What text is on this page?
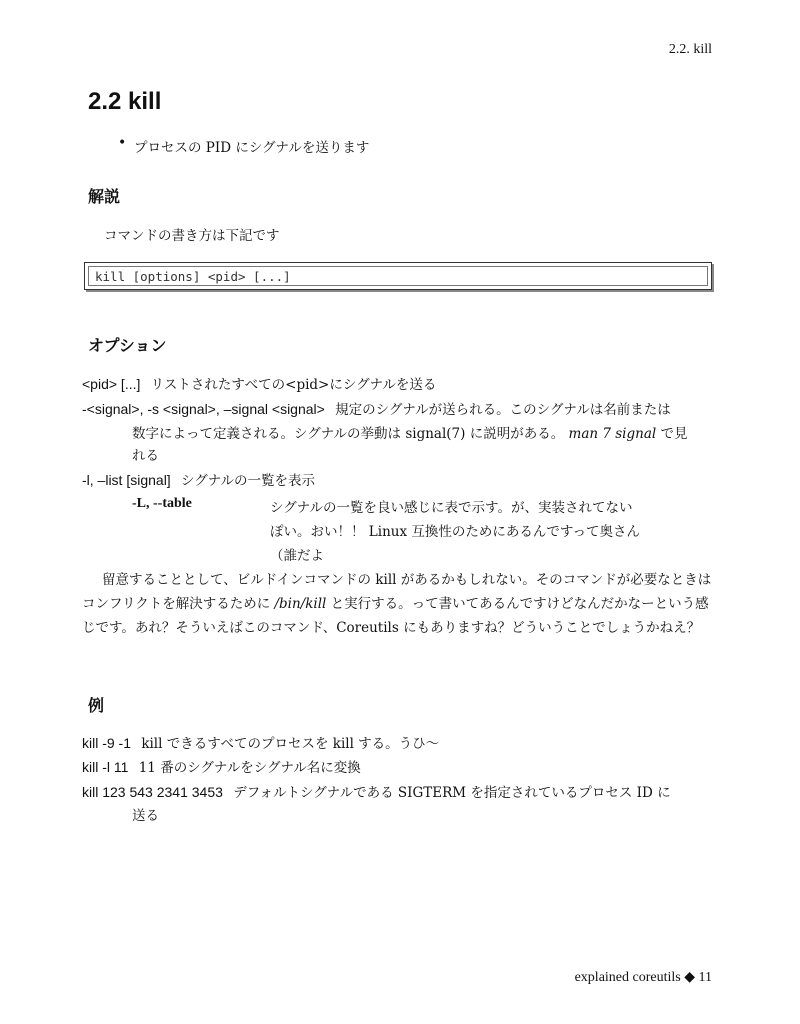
2.2. kill
2.2 kill
• プロセスの PID にシグナルを送ります
解説
コマンドの書き方は下記です
kill [options] <pid> [...]
オプション
<pid> [...] リストされたすべての<pid>にシグナルを送る
-<signal>, -s <signal>, –signal <signal> 規定のシグナルが送られる。このシグナルは名前または
数字によって定義される。シグナルの挙動は signal(7) に説明がある。 man 7 signal で見
れる
-l, –list [signal] シグナルの一覧を表示
-L, --table	シグナルの一覧を良い感じに表で示す。が、実装されてない
ぽい。おい！！ Linux 互換性のためにあるんですって奥さん
（誰だよ
留意することとして、ビルドインコマンドの kill があるかもしれない。そのコマンドが必要なときはコンフリクトを解決するために /bin/kill と実行する。って書いてあるんですけどなんだかなーという感じです。あれ？そういえばこのコマンド、Coreutils にもありますね？どういうことでしょうかねえ？
例
kill -9 -1 kill できるすべてのプロセスを kill する。うひ～
kill -l 11 11 番のシグナルをシグナル名に変換
kill 123 543 2341 3453 デフォルトシグナルである SIGTERM を指定されているプロセス ID に
送る
explained coreutils ◆ 11
